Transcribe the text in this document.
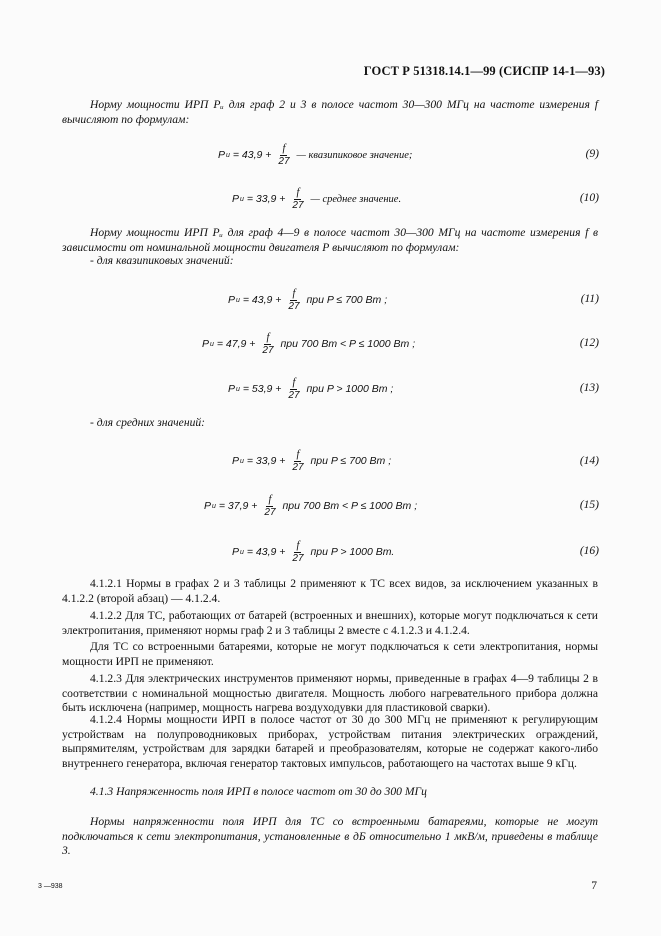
ГОСТ Р 51318.14.1—99 (СИСПР 14-1—93)
Норму мощности ИРП Pᵤ для граф 2 и 3 в полосе частот 30—300 МГц на частоте измерения f вычисляют по формулам:
P и
= $43,9 + \frac{f}{27}$ — квазипиковое значение;	(9)
P и
= $33,9 + \frac{f}{27}$ — среднее значение.	(10)
Норму мощности ИРП Pᵤ для граф 4—9 в полосе частот 30—300 МГц на частоте измерения f в зависимости от номинальной мощности двигателя P вычисляют по формулам:
- для квазипиковых значений:
P и
= $43,9 + \frac{f}{27}$ при P ≤ 700 Вт ;	(11)
P и
= $47,9 + \frac{f}{27}$ при 700 Вт < P ≤ 1000 Вт ;	(12)
P и
= $53,9 + \frac{f}{27}$ при P > 1000 Вт ;	(13)
- для средних значений:
P и
= $33,9 + \frac{f}{27}$ при P ≤ 700 Вт ;	(14)
P и
= $37,9 + \frac{f}{27}$ при 700 Вт < P ≤ 1000 Вт ;	(15)
P и
= $43,9 + \frac{f}{27}$ при P > 1000 Вт.	(16)
4.1.2.1 Нормы в графах 2 и 3 таблицы 2 применяют к ТС всех видов, за исключением указанных в 4.1.2.2 (второй абзац) — 4.1.2.4.
4.1.2.2 Для ТС, работающих от батарей (встроенных и внешних), которые могут подключаться к сети электропитания, применяют нормы граф 2 и 3 таблицы 2 вместе с 4.1.2.3 и 4.1.2.4.
Для ТС со встроенными батареями, которые не могут подключаться к сети электропитания, нормы мощности ИРП не применяют.
4.1.2.3 Для электрических инструментов применяют нормы, приведенные в графах 4—9 таблицы 2 в соответствии с номинальной мощностью двигателя. Мощность любого нагревательного прибора должна быть исключена (например, мощность нагрева воздуходувки для пластиковой сварки).
4.1.2.4 Нормы мощности ИРП в полосе частот от 30 до 300 МГц не применяют к регулирующим устройствам на полупроводниковых приборах, устройствам питания электрических ограждений, выпрямителям, устройствам для зарядки батарей и преобразователям, которые не содержат какого-либо внутреннего генератора, включая генератор тактовых импульсов, работающего на частотах выше 9 кГц.
4.1.3 Напряженность поля ИРП в полосе частот от 30 до 300 МГц
Нормы напряженности поля ИРП для ТС со встроенными батареями, которые не могут подключаться к сети электропитания, установленные в дБ относительно 1 мкВ/м, приведены в таблице 3.
3 —938	7
